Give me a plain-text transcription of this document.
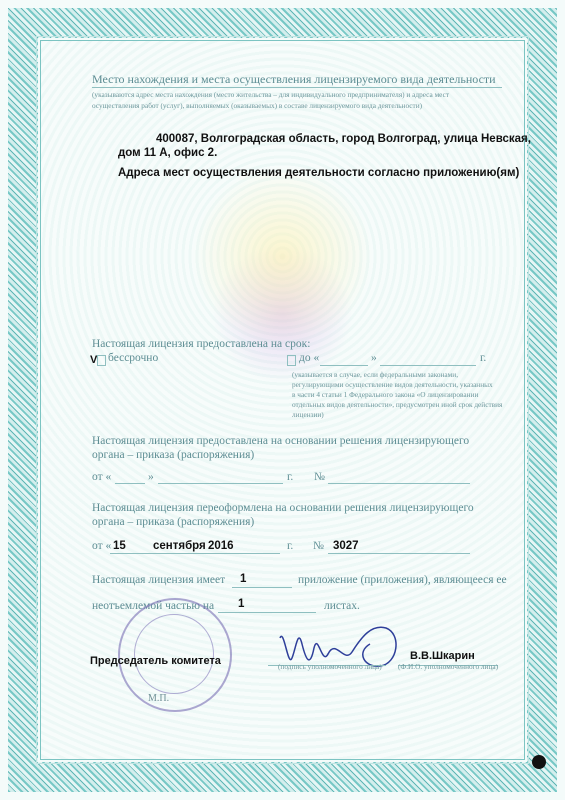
Место нахождения и места осуществления лицензируемого вида деятельности
(указываются адрес места нахождения (место жительства – для индивидуального предпринимателя) и адреса мест
осуществления работ (услуг), выполняемых (оказываемых) в составе лицензируемого вида деятельности)
400087, Волгоградская область, город Волгоград, улица Невская,
дом 11 А, офис 2.
Адреса мест осуществления деятельности согласно приложению(ям)
Настоящая лицензия предоставлена на срок:
V бессрочно	до «	»	г.
(указывается в случае, если федеральными законами,
регулирующими осуществление видов деятельности, указанных
в части 4 статьи 1 Федерального закона «О лицензировании
отдельных видов деятельности», предусмотрен иной срок действия
лицензии)
Настоящая лицензия предоставлена на основании решения лицензирующего
органа – приказа (распоряжения)
от «	»	г. №
Настоящая лицензия переоформлена на основании решения лицензирующего
органа – приказа (распоряжения)
от « 15 сентября 2016	г. № 3027
Настоящая лицензия имеет 1	приложение (приложения), являющееся ее
неотъемлемой частью на 1	листах.
М.П.
Председатель комитета	(подпись уполномоченного лица)
В.В.Шкарин
(Ф.И.О. уполномоченного лица)
